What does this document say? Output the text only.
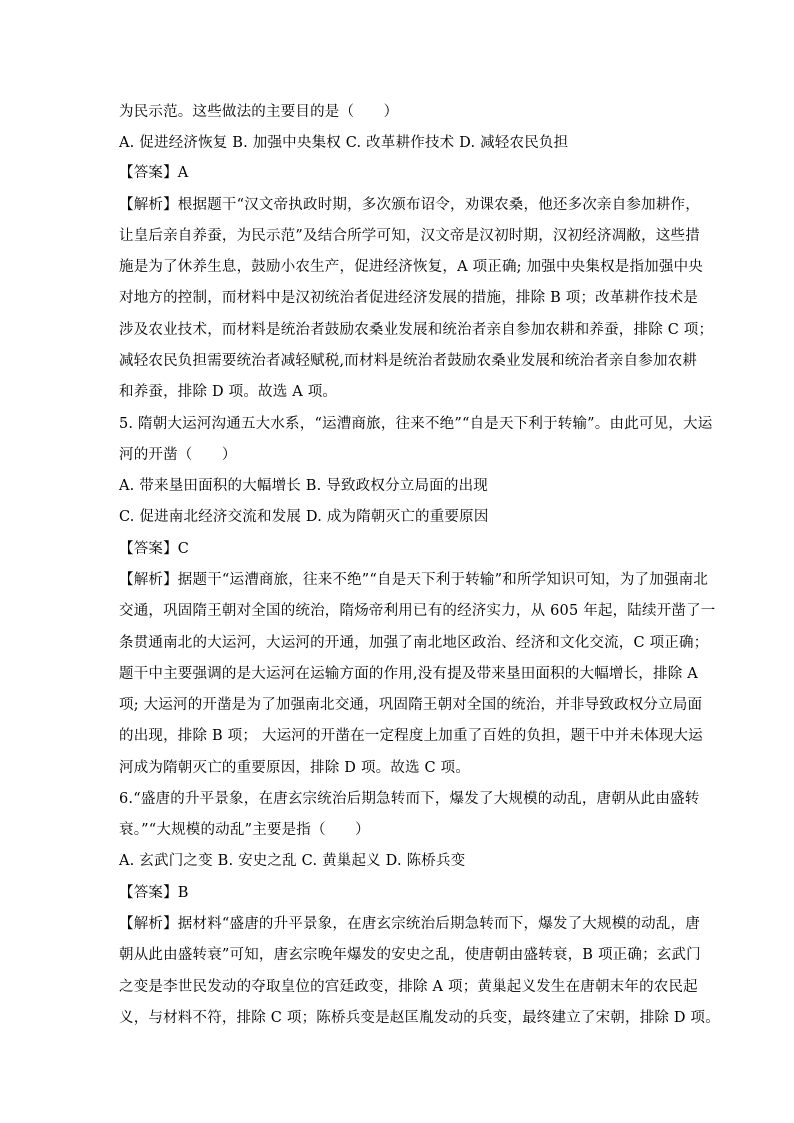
为民示范。这些做法的主要目的是（　　）
A. 促进经济恢复 B. 加强中央集权 C. 改革耕作技术 D. 减轻农民负担
【答案】A
【解析】根据题干“汉文帝执政时期，多次颁布诏令，劝课农桑，他还多次亲自参加耕作，
让皇后亲自养蚕，为民示范”及结合所学可知，汉文帝是汉初时期，汉初经济凋敝，这些措
施是为了休养生息，鼓励小农生产，促进经济恢复，A 项正确; 加强中央集权是指加强中央
对地方的控制，而材料中是汉初统治者促进经济发展的措施，排除 B 项；改革耕作技术是
涉及农业技术，而材料是统治者鼓励农桑业发展和统治者亲自参加农耕和养蚕，排除 C 项；
减轻农民负担需要统治者减轻赋税,而材料是统治者鼓励农桑业发展和统治者亲自参加农耕
和养蚕，排除 D 项。故选 A 项。
5. 隋朝大运河沟通五大水系，“运漕商旅，往来不绝”“自是天下利于转输”。由此可见，大运
河的开凿（　　）
A. 带来垦田面积的大幅增长 B. 导致政权分立局面的出现
C. 促进南北经济交流和发展 D. 成为隋朝灭亡的重要原因
【答案】C
【解析】据题干“运漕商旅，往来不绝”“自是天下利于转输”和所学知识可知，为了加强南北
交通，巩固隋王朝对全国的统治，隋炀帝利用已有的经济实力，从 605 年起，陆续开凿了一
条贯通南北的大运河，大运河的开通，加强了南北地区政治、经济和文化交流，C 项正确；
题干中主要强调的是大运河在运输方面的作用,没有提及带来垦田面积的大幅增长，排除 A
项; 大运河的开凿是为了加强南北交通，巩固隋王朝对全国的统治，并非导致政权分立局面
的出现，排除 B 项； 大运河的开凿在一定程度上加重了百姓的负担，题干中并未体现大运
河成为隋朝灭亡的重要原因，排除 D 项。故选 C 项。
6.“盛唐的升平景象，在唐玄宗统治后期急转而下，爆发了大规模的动乱，唐朝从此由盛转
衰。”“大规模的动乱”主要是指（　　）
A. 玄武门之变 B. 安史之乱 C. 黄巢起义 D. 陈桥兵变
【答案】B
【解析】据材料“盛唐的升平景象，在唐玄宗统治后期急转而下，爆发了大规模的动乱，唐
朝从此由盛转衰”可知，唐玄宗晚年爆发的安史之乱，使唐朝由盛转衰，B 项正确；玄武门
之变是李世民发动的夺取皇位的宫廷政变，排除 A 项；黄巢起义发生在唐朝末年的农民起
义，与材料不符，排除 C 项；陈桥兵变是赵匡胤发动的兵变，最终建立了宋朝，排除 D 项。
